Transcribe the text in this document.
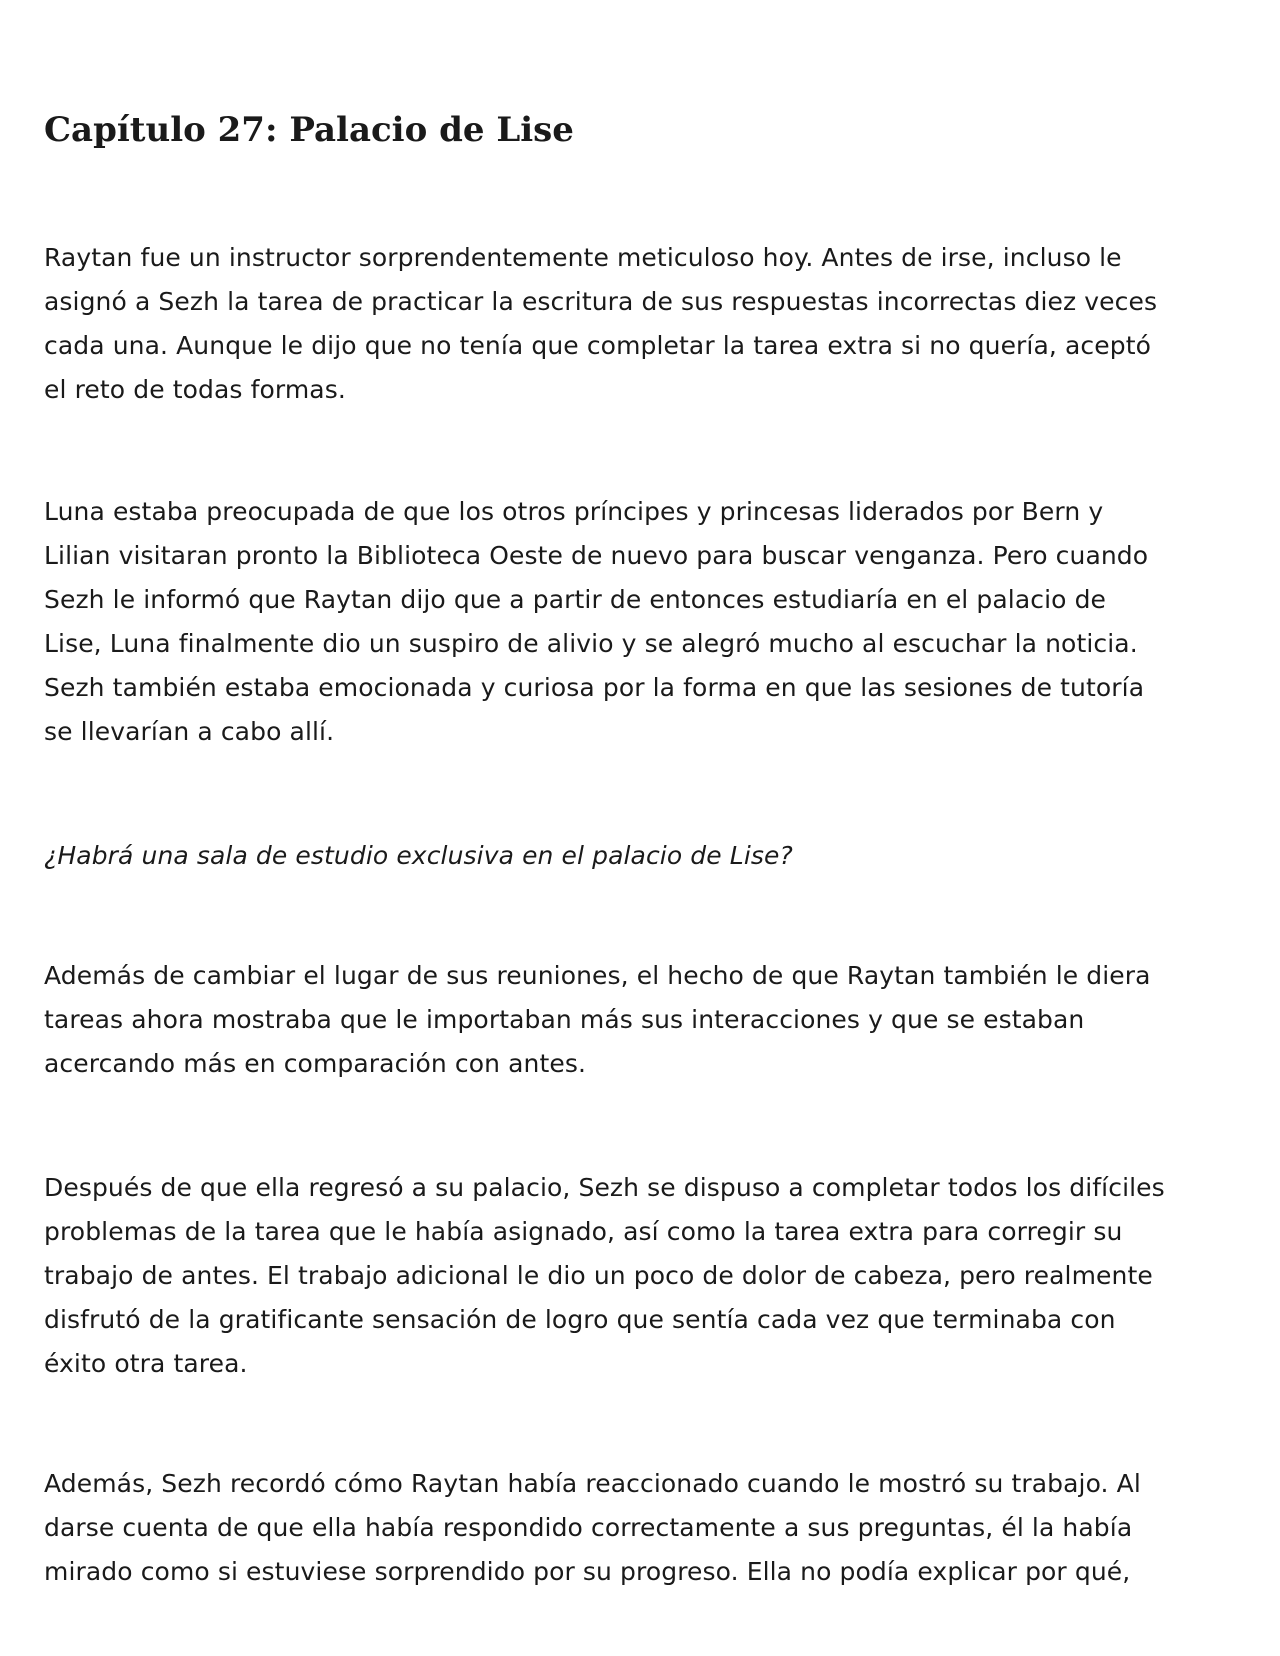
Capítulo 27: Palacio de Lise

Raytan fue un instructor sorprendentemente meticuloso hoy. Antes de irse, incluso le
asignó a Sezh la tarea de practicar la escritura de sus respuestas incorrectas diez veces
cada una. Aunque le dijo que no tenía que completar la tarea extra si no quería, aceptó
el reto de todas formas.

Luna estaba preocupada de que los otros príncipes y princesas liderados por Bern y
Lilian visitaran pronto la Biblioteca Oeste de nuevo para buscar venganza. Pero cuando
Sezh le informó que Raytan dijo que a partir de entonces estudiaría en el palacio de
Lise, Luna finalmente dio un suspiro de alivio y se alegró mucho al escuchar la noticia.
Sezh también estaba emocionada y curiosa por la forma en que las sesiones de tutoría
se llevarían a cabo allí.

¿Habrá una sala de estudio exclusiva en el palacio de Lise?

Además de cambiar el lugar de sus reuniones, el hecho de que Raytan también le diera
tareas ahora mostraba que le importaban más sus interacciones y que se estaban
acercando más en comparación con antes.

Después de que ella regresó a su palacio, Sezh se dispuso a completar todos los difíciles
problemas de la tarea que le había asignado, así como la tarea extra para corregir su
trabajo de antes. El trabajo adicional le dio un poco de dolor de cabeza, pero realmente
disfrutó de la gratificante sensación de logro que sentía cada vez que terminaba con
éxito otra tarea.

Además, Sezh recordó cómo Raytan había reaccionado cuando le mostró su trabajo. Al
darse cuenta de que ella había respondido correctamente a sus preguntas, él la había
mirado como si estuviese sorprendido por su progreso. Ella no podía explicar por qué,
